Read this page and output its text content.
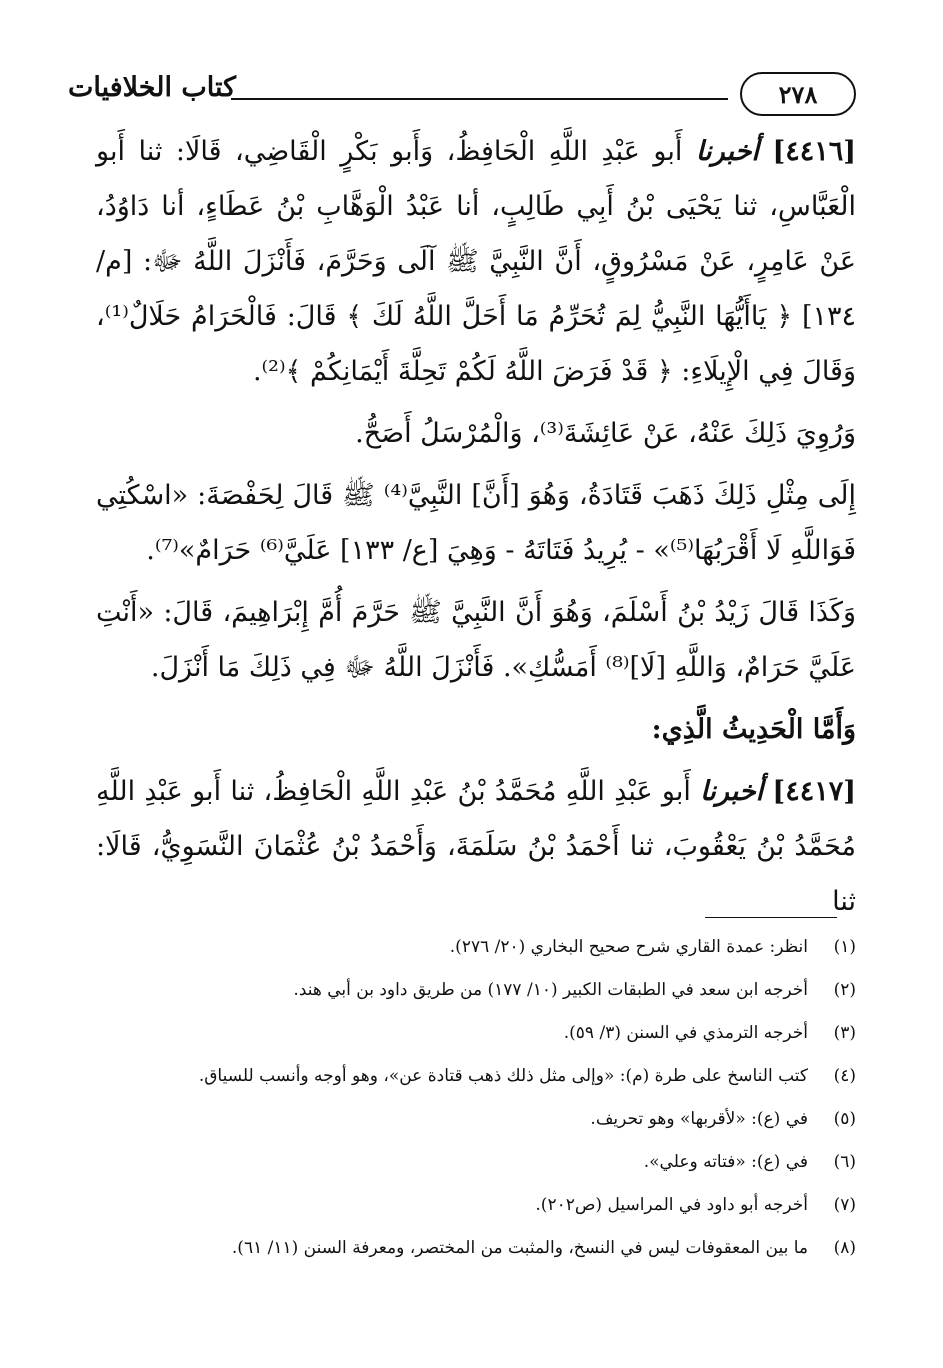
كتاب الخلافيات	٢٧٨

[٤٤١٦] أخبرنا أَبو عَبْدِ اللَّهِ الْحَافِظُ، وَأَبو بَكْرٍ الْقَاضِي، قَالَا: ثنا أَبو الْعَبَّاسِ، ثنا يَحْيَى بْنُ أَبِي طَالِبٍ، أنا عَبْدُ الْوَهَّابِ بْنُ عَطَاءٍ، أنا دَاوُدُ، عَنْ عَامِرٍ، عَنْ مَسْرُوقٍ، أَنَّ النَّبِيَّ ﷺ آلَى وَحَرَّمَ، فَأَنْزَلَ اللَّهُ ﷻ: [م/ ١٣٤] ﴿ يَاأَيُّهَا النَّبِيُّ لِمَ تُحَرِّمُ مَا أَحَلَّ اللَّهُ لَكَ ﴾ قَالَ: فَالْحَرَامُ حَلَالٌ⁽¹⁾، وَقَالَ فِي الْإِيلَاءِ: ﴿ قَدْ فَرَضَ اللَّهُ لَكُمْ تَحِلَّةَ أَيْمَانِكُمْ ﴾⁽²⁾.

وَرُوِيَ ذَلِكَ عَنْهُ، عَنْ عَائِشَةَ⁽³⁾، وَالْمُرْسَلُ أَصَحُّ.

إِلَى مِثْلِ ذَلِكَ ذَهَبَ قَتَادَةُ، وَهُوَ [أَنَّ] النَّبِيَّ⁽⁴⁾ ﷺ قَالَ لِحَفْصَةَ: «اسْكُتِي فَوَاللَّهِ لَا أَقْرَبُهَا⁽⁵⁾» - يُرِيدُ فَتَاتَهُ - وَهِيَ [ع/ ١٣٣] عَلَيَّ⁽⁶⁾ حَرَامٌ»⁽⁷⁾.

وَكَذَا قَالَ زَيْدُ بْنُ أَسْلَمَ، وَهُوَ أَنَّ النَّبِيَّ ﷺ حَرَّمَ أُمَّ إِبْرَاهِيمَ، قَالَ: «أَنْتِ عَلَيَّ حَرَامٌ، وَاللَّهِ [لَا]⁽⁸⁾ أَمَسُّكِ». فَأَنْزَلَ اللَّهُ ﷻ فِي ذَلِكَ مَا أَنْزَلَ.

وَأَمَّا الْحَدِيثُ الَّذِي:

[٤٤١٧] أخبرنا أَبو عَبْدِ اللَّهِ مُحَمَّدُ بْنُ عَبْدِ اللَّهِ الْحَافِظُ، ثنا أَبو عَبْدِ اللَّهِ مُحَمَّدُ بْنُ يَعْقُوبَ، ثنا أَحْمَدُ بْنُ سَلَمَةَ، وَأَحْمَدُ بْنُ عُثْمَانَ النَّسَوِيُّ، قَالَا: ثنا

(١)
انظر: عمدة القاري شرح صحيح البخاري (٢٠/ ٢٧٦).
(٢)
أخرجه ابن سعد في الطبقات الكبير (١٠/ ١٧٧) من طريق داود بن أبي هند.
(٣)
أخرجه الترمذي في السنن (٣/ ٥٩).
(٤)
كتب الناسخ على طرة (م): «وإلى مثل ذلك ذهب قتادة عن»، وهو أوجه وأنسب للسياق.
(٥)
في (ع): «لأقربها» وهو تحريف.
(٦)
في (ع): «فتاته وعلي».
(٧)
أخرجه أبو داود في المراسيل (ص٢٠٢).
(٨)
ما بين المعقوفات ليس في النسخ، والمثبت من المختصر، ومعرفة السنن (١١/ ٦١).
